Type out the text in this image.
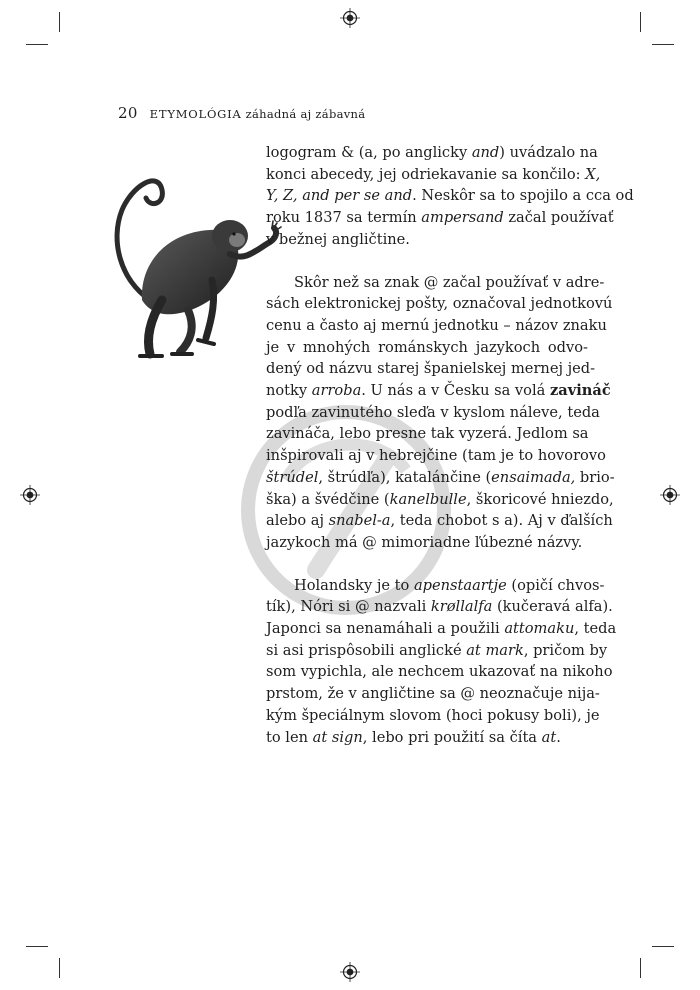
20 ETYMOLÓGIA záhadná aj zábavná
logogram & (a, po anglicky and) uvádzalo na
konci abecedy, jej odriekavanie sa končilo: X,
Y, Z, and per se and. Neskôr sa to spojilo a cca od
roku 1837 sa termín ampersand začal používať
v bežnej angličtine.
Skôr než sa znak @ začal používať v adre-
sách elektronickej pošty, označoval jednotkovú
cenu a často aj mernú jednotku – názov znaku
je v mnohých románskych jazykoch odvo-
dený od názvu starej španielskej mernej jed-
notky arroba. U nás a v Česku sa volá zavináč
podľa zavinutého sleďa v kyslom náleve, teda
zavináča, lebo presne tak vyzerá. Jedlom sa
inšpirovali aj v hebrejčine (tam je to hovorovo
štrúdel, štrúdľa), katalánčine (ensaimada, brio-
ška) a švédčine (kanelbulle, škoricové hniezdo,
alebo aj snabel-a, teda chobot s a). Aj v ďalších
jazykoch má @ mimoriadne ľúbezné názvy.
Holandsky je to apenstaartje (opičí chvos-
tík), Nóri si @ nazvali krøllalfa (kučeravá alfa).
Japonci sa nenamáhali a použili attomaku, teda
si asi prispôsobili anglické at mark, pričom by
som vypichla, ale nechcem ukazovať na nikoho
prstom, že v angličtine sa @ neoznačuje nija-
kým špeciálnym slovom (hoci pokusy boli), je
to len at sign, lebo pri použití sa číta at.
